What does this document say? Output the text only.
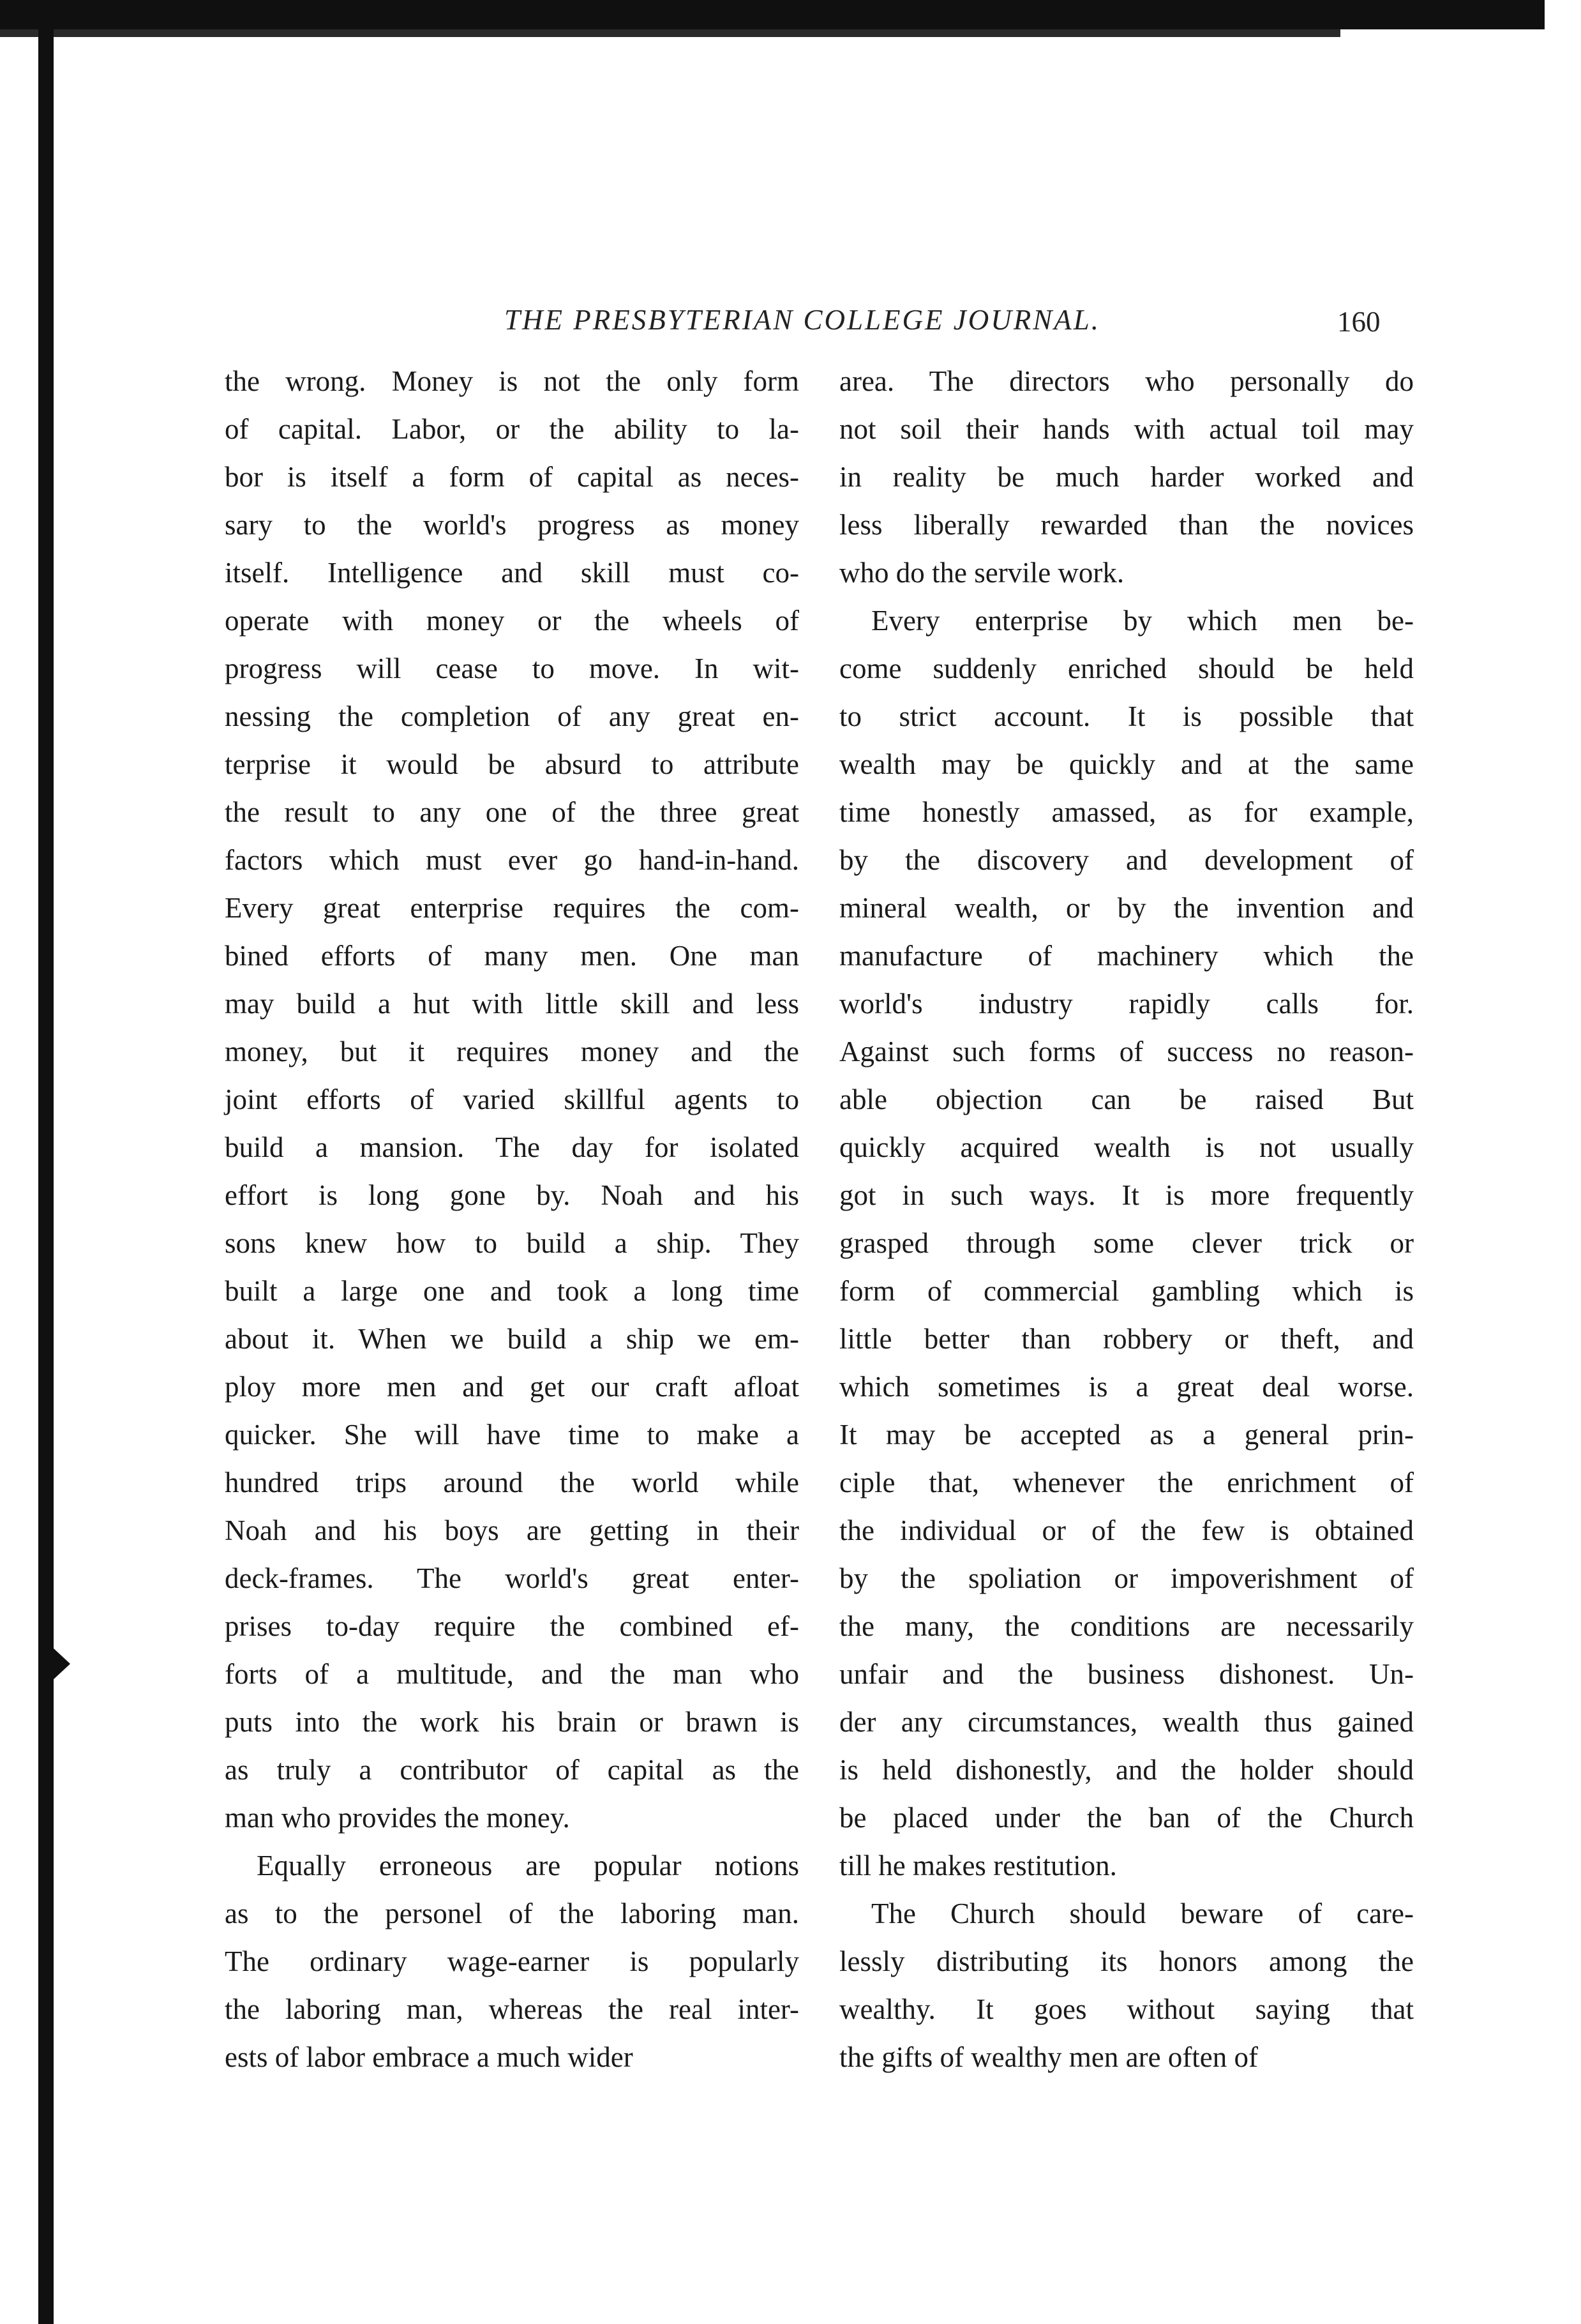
THE PRESBYTERIAN COLLEGE JOURNAL.	160
the wrong. Money is not the only form
of capital. Labor, or the ability to la-
bor is itself a form of capital as neces-
sary to the world's progress as money
itself. Intelligence and skill must co-
operate with money or the wheels of
progress will cease to move. In wit-
nessing the completion of any great en-
terprise it would be absurd to attribute
the result to any one of the three great
factors which must ever go hand-in-hand.
Every great enterprise requires the com-
bined efforts of many men. One man
may build a hut with little skill and less
money, but it requires money and the
joint efforts of varied skillful agents to
build a mansion. The day for isolated
effort is long gone by. Noah and his
sons knew how to build a ship. They
built a large one and took a long time
about it. When we build a ship we em-
ploy more men and get our craft afloat
quicker. She will have time to make a
hundred trips around the world while
Noah and his boys are getting in their
deck-frames. The world's great enter-
prises to-day require the combined ef-
forts of a multitude, and the man who
puts into the work his brain or brawn is
as truly a contributor of capital as the
man who provides the money.
Equally erroneous are popular notions
as to the personel of the laboring man.
The ordinary wage-earner is popularly
the laboring man, whereas the real inter-
ests of labor embrace a much wider
area. The directors who personally do
not soil their hands with actual toil may
in reality be much harder worked and
less liberally rewarded than the novices
who do the servile work.
Every enterprise by which men be-
come suddenly enriched should be held
to strict account. It is possible that
wealth may be quickly and at the same
time honestly amassed, as for example,
by the discovery and development of
mineral wealth, or by the invention and
manufacture of machinery which the
world's industry rapidly calls for.
Against such forms of success no reason-
able objection can be raised But
quickly acquired wealth is not usually
got in such ways. It is more frequently
grasped through some clever trick or
form of commercial gambling which is
little better than robbery or theft, and
which sometimes is a great deal worse.
It may be accepted as a general prin-
ciple that, whenever the enrichment of
the individual or of the few is obtained
by the spoliation or impoverishment of
the many, the conditions are necessarily
unfair and the business dishonest. Un-
der any circumstances, wealth thus gained
is held dishonestly, and the holder should
be placed under the ban of the Church
till he makes restitution.
The Church should beware of care-
lessly distributing its honors among the
wealthy. It goes without saying that
the gifts of wealthy men are often of
